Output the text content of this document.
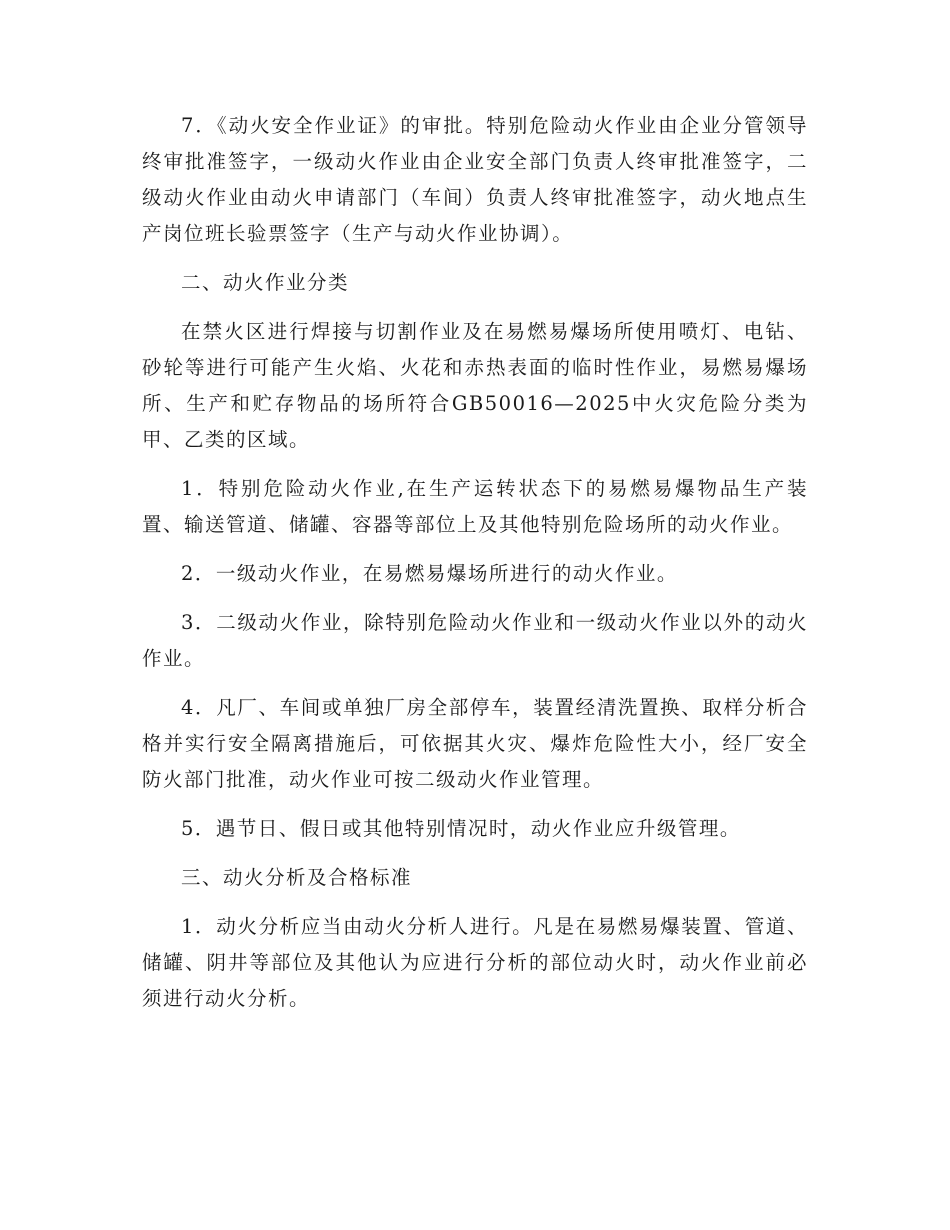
7．《动火安全作业证》的审批。特别危险动火作业由企业分管领导终审批准签字，一级动火作业由企业安全部门负责人终审批准签字，二级动火作业由动火申请部门（车间）负责人终审批准签字，动火地点生产岗位班长验票签字（生产与动火作业协调）。

二、动火作业分类

在禁火区进行焊接与切割作业及在易燃易爆场所使用喷灯、电钻、砂轮等进行可能产生火焰、火花和赤热表面的临时性作业，易燃易爆场所、生产和贮存物品的场所符合GB50016—2025中火灾危险分类为甲、乙类的区域。

1．特别危险动火作业,在生产运转状态下的易燃易爆物品生产装置、输送管道、储罐、容器等部位上及其他特别危险场所的动火作业。

2．一级动火作业，在易燃易爆场所进行的动火作业。

3．二级动火作业，除特别危险动火作业和一级动火作业以外的动火作业。

4．凡厂、车间或单独厂房全部停车，装置经清洗置换、取样分析合格并实行安全隔离措施后，可依据其火灾、爆炸危险性大小，经厂安全防火部门批准，动火作业可按二级动火作业管理。

5．遇节日、假日或其他特别情况时，动火作业应升级管理。

三、动火分析及合格标准

1．动火分析应当由动火分析人进行。凡是在易燃易爆装置、管道、储罐、阴井等部位及其他认为应进行分析的部位动火时，动火作业前必须进行动火分析。
